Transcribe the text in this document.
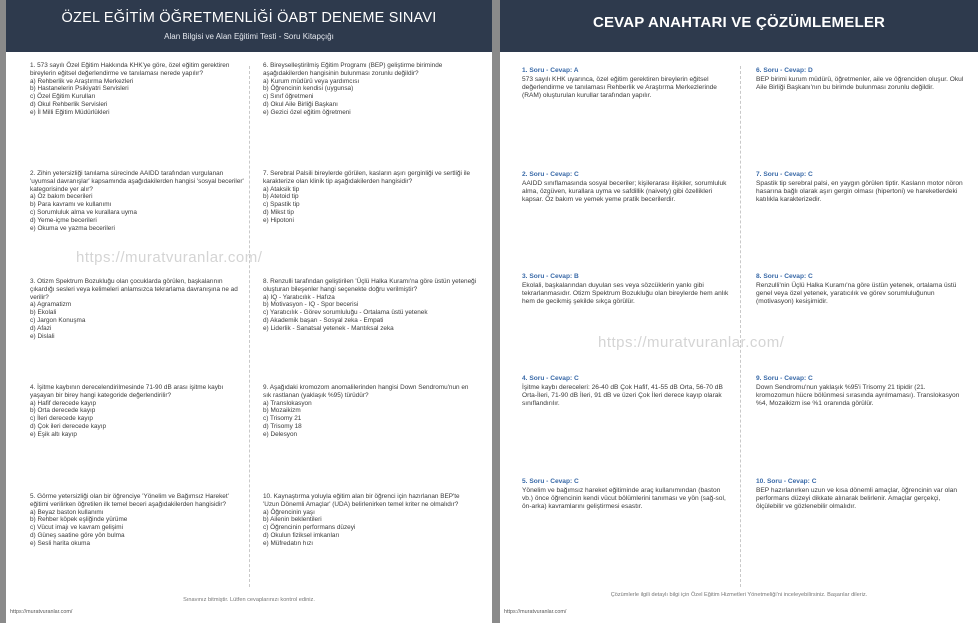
ÖZEL EĞİTİM ÖĞRETMENLİĞİ ÖABT DENEME SINAVI
Alan Bilgisi ve Alan Eğitimi Testi - Soru Kitapçığı
1. 573 sayılı Özel Eğitim Hakkında KHK'ye göre, özel eğitim gerektiren bireylerin eğitsel değerlendirme ve tanılaması nerede yapılır?
a) Rehberlik ve Araştırma Merkezleri
b) Hastanelerin Psikiyatri Servisleri
c) Özel Eğitim Kurulları
d) Okul Rehberlik Servisleri
e) İl Milli Eğitim Müdürlükleri
2. Zihin yetersizliği tanılama sürecinde AAIDD tarafından vurgulanan 'uyumsal davranışlar' kapsamında aşağıdakilerden hangisi 'sosyal beceriler' kategorisinde yer alır?
a) Öz bakım becerileri
b) Para kavramı ve kullanımı
c) Sorumluluk alma ve kurallara uyma
d) Yeme-içme becerileri
e) Okuma ve yazma becerileri
3. Otizm Spektrum Bozukluğu olan çocuklarda görülen, başkalarının çıkardığı sesleri veya kelimeleri anlamsızca tekrarlama davranışına ne ad verilir?
a) Agramatizm
b) Ekolali
c) Jargon Konuşma
d) Afazi
e) Dislali
4. İşitme kaybının derecelendirilmesinde 71-90 dB arası işitme kaybı yaşayan bir birey hangi kategoride değerlendirilir?
a) Hafif derecede kayıp
b) Orta derecede kayıp
c) İleri derecede kayıp
d) Çok ileri derecede kayıp
e) Eşik altı kayıp
5. Görme yetersizliği olan bir öğrenciye 'Yönelim ve Bağımsız Hareket' eğitimi verilirken öğretilen ilk temel beceri aşağıdakilerden hangisidir?
a) Beyaz baston kullanımı
b) Rehber köpek eşliğinde yürüme
c) Vücut imajı ve kavram gelişimi
d) Güneş saatine göre yön bulma
e) Sesli harita okuma
6. Bireyselleştirilmiş Eğitim Programı (BEP) geliştirme biriminde aşağıdakilerden hangisinin bulunması zorunlu değildir?
a) Kurum müdürü veya yardımcısı
b) Öğrencinin kendisi (uygunsa)
c) Sınıf öğretmeni
d) Okul Aile Birliği Başkanı
e) Gezici özel eğitim öğretmeni
7. Serebral Palsili bireylerde görülen, kasların aşırı gerginliği ve sertliği ile karakterize olan klinik tip aşağıdakilerden hangisidir?
a) Ataksik tip
b) Atetoid tip
c) Spastik tip
d) Mikst tip
e) Hipotoni
8. Renzulli tarafından geliştirilen 'Üçlü Halka Kuramı'na göre üstün yeteneği oluşturan bileşenler hangi seçenekte doğru verilmiştir?
a) IQ - Yaratıcılık - Hafıza
b) Motivasyon - IQ - Spor becerisi
c) Yaratıcılık - Görev sorumluluğu - Ortalama üstü yetenek
d) Akademik başarı - Sosyal zeka - Empati
e) Liderlik - Sanatsal yetenek - Mantıksal zeka
9. Aşağıdaki kromozom anomalilerinden hangisi Down Sendromu'nun en sık rastlanan (yaklaşık %95) türüdür?
a) Translokasyon
b) Mozaikizm
c) Trisomy 21
d) Trisomy 18
e) Delesyon
10. Kaynaştırma yoluyla eğitim alan bir öğrenci için hazırlanan BEP'te 'Uzun Dönemli Amaçlar' (UDA) belirlenirken temel kriter ne olmalıdır?
a) Öğrencinin yaşı
b) Ailenin beklentileri
c) Öğrencinin performans düzeyi
d) Okulun fiziksel imkanları
e) Müfredatın hızı
https://muratvuranlar.com/
Sınavınız bitmiştir. Lütfen cevaplarınızı kontrol ediniz.
https://muratvuranlar.com/
CEVAP ANAHTARI VE ÇÖZÜMLEMELER
1. Soru - Cevap: A
573 sayılı KHK uyarınca, özel eğitim gerektiren bireylerin eğitsel değerlendirme ve tanılaması Rehberlik ve Araştırma Merkezlerinde (RAM) oluşturulan kurullar tarafından yapılır.
2. Soru - Cevap: C
AAIDD sınıflamasında sosyal beceriler; kişilerarası ilişkiler, sorumluluk alma, özgüven, kurallara uyma ve safdillik (naivety) gibi özellikleri kapsar. Öz bakım ve yemek yeme pratik becerilerdir.
3. Soru - Cevap: B
Ekolali, başkalarından duyulan ses veya sözcüklerin yankı gibi tekrarlanmasıdır. Otizm Spektrum Bozukluğu olan bireylerde hem anlık hem de gecikmiş şekilde sıkça görülür.
4. Soru - Cevap: C
İşitme kaybı dereceleri: 26-40 dB Çok Hafif, 41-55 dB Orta, 56-70 dB Orta-İleri, 71-90 dB İleri, 91 dB ve üzeri Çok İleri derece kayıp olarak sınıflandırılır.
5. Soru - Cevap: C
Yönelim ve bağımsız hareket eğitiminde araç kullanımından (baston vb.) önce öğrencinin kendi vücut bölümlerini tanıması ve yön (sağ-sol, ön-arka) kavramlarını geliştirmesi esastır.
6. Soru - Cevap: D
BEP birimi kurum müdürü, öğretmenler, aile ve öğrenciden oluşur. Okul Aile Birliği Başkanı'nın bu birimde bulunması zorunlu değildir.
7. Soru - Cevap: C
Spastik tip serebral palsi, en yaygın görülen tiptir. Kasların motor nöron hasarına bağlı olarak aşırı gergin olması (hipertoni) ve hareketlerdeki katılıkla karakterizedir.
8. Soru - Cevap: C
Renzulli'nin Üçlü Halka Kuramı'na göre üstün yetenek, ortalama üstü genel veya özel yetenek, yaratıcılık ve görev sorumluluğunun (motivasyon) kesişimidir.
9. Soru - Cevap: C
Down Sendromu'nun yaklaşık %95'i Trisomy 21 tipidir (21. kromozomun hücre bölünmesi sırasında ayrılmaması). Translokasyon %4, Mozaikizm ise %1 oranında görülür.
10. Soru - Cevap: C
BEP hazırlanırken uzun ve kısa dönemli amaçlar, öğrencinin var olan performans düzeyi dikkate alınarak belirlenir. Amaçlar gerçekçi, ölçülebilir ve gözlenebilir olmalıdır.
https://muratvuranlar.com/
Çözümlerle ilgili detaylı bilgi için Özel Eğitim Hizmetleri Yönetmeliği'ni inceleyebilirsiniz. Başarılar dileriz.
https://muratvuranlar.com/
